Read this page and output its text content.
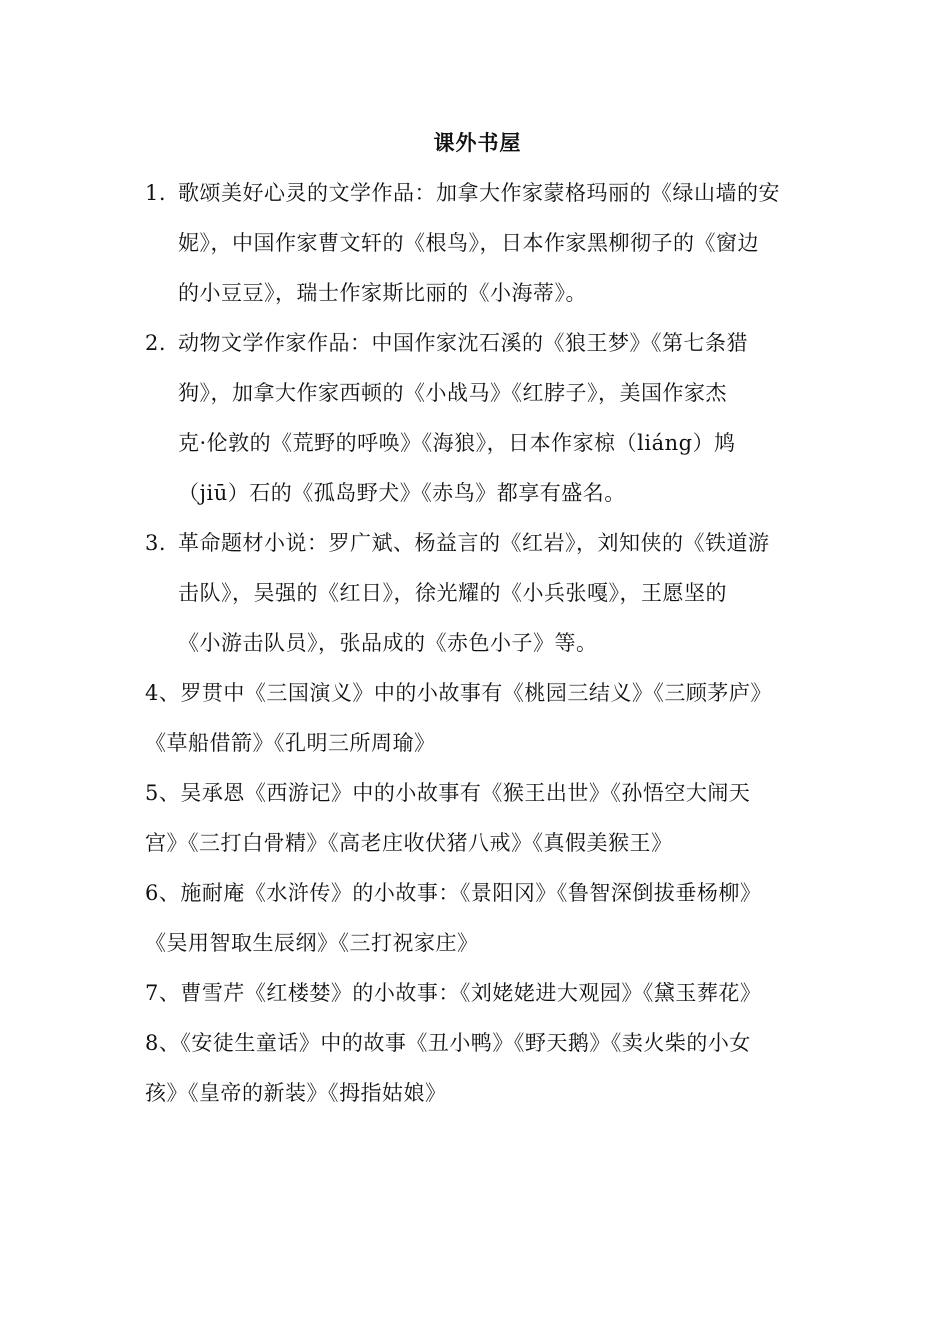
课外书屋
1. 歌颂美好心灵的文学作品：加拿大作家蒙格玛丽的《绿山墙的安
妮》，中国作家曹文轩的《根鸟》，日本作家黑柳彻子的《窗边
的小豆豆》，瑞士作家斯比丽的《小海蒂》。
2. 动物文学作家作品：中国作家沈石溪的《狼王梦》《第七条猎
狗》，加拿大作家西顿的《小战马》《红脖子》，美国作家杰
克·伦敦的《荒野的呼唤》《海狼》，日本作家椋（liáng）鸠
（jiū）石的《孤岛野犬》《赤鸟》都享有盛名。
3. 革命题材小说：罗广斌、杨益言的《红岩》，刘知侠的《铁道游
击队》，吴强的《红日》，徐光耀的《小兵张嘎》，王愿坚的
《小游击队员》，张品成的《赤色小子》等。
4、罗贯中《三国演义》中的小故事有《桃园三结义》《三顾茅庐》
《草船借箭》《孔明三所周瑜》
5、吴承恩《西游记》中的小故事有《猴王出世》《孙悟空大闹天
宫》《三打白骨精》《高老庄收伏猪八戒》《真假美猴王》
6、施耐庵《水浒传》的小故事：《景阳冈》《鲁智深倒拔垂杨柳》
《吴用智取生辰纲》《三打祝家庄》
7、曹雪芹《红楼婪》的小故事：《刘姥姥进大观园》《黛玉葬花》
8、《安徒生童话》中的故事《丑小鸭》《野天鹅》《卖火柴的小女
孩》《皇帝的新装》《拇指姑娘》
